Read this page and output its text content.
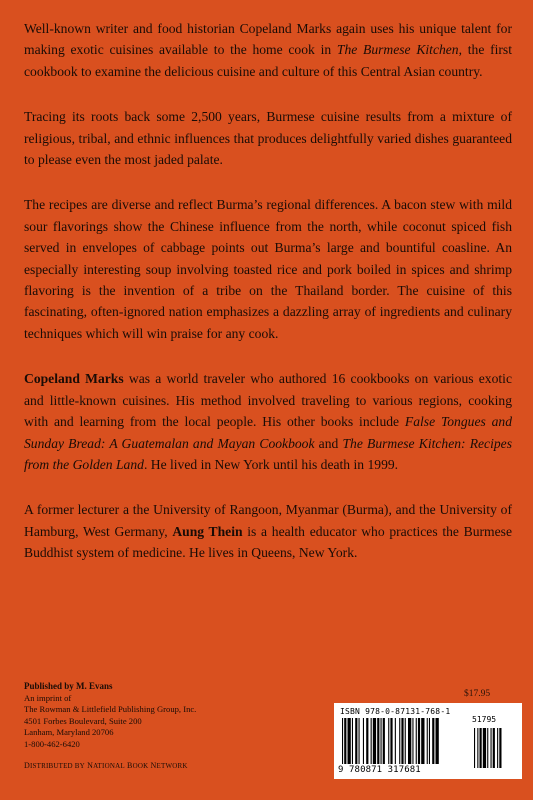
Well-known writer and food historian Copeland Marks again uses his unique talent for making exotic cuisines available to the home cook in The Burmese Kitchen, the first cookbook to examine the delicious cuisine and culture of this Central Asian country.

Tracing its roots back some 2,500 years, Burmese cuisine results from a mixture of religious, tribal, and ethnic influences that produces delightfully varied dishes guaranteed to please even the most jaded palate.

The recipes are diverse and reflect Burma’s regional differences. A bacon stew with mild sour flavorings show the Chinese influence from the north, while coconut spiced fish served in envelopes of cabbage points out Burma’s large and bountiful coasline. An especially interesting soup involving toasted rice and pork boiled in spices and shrimp flavoring is the invention of a tribe on the Thailand border. The cuisine of this fascinating, often-ignored nation emphasizes a dazzling array of ingredients and culinary techniques which will win praise for any cook.

Copeland Marks was a world traveler who authored 16 cookbooks on various exotic and little-known cuisines. His method involved traveling to various regions, cooking with and learning from the local people. His other books include False Tongues and Sunday Bread: A Guatemalan and Mayan Cookbook and The Burmese Kitchen: Recipes from the Golden Land. He lived in New York until his death in 1999.

A former lecturer a the University of Rangoon, Myanmar (Burma), and the University of Hamburg, West Germany, Aung Thein is a health educator who practices the Burmese Buddhist system of medicine. He lives in Queens, New York.

Published by M. Evans
An imprint of
The Rowman & Littlefield Publishing Group, Inc.
4501 Forbes Boulevard, Suite 200
Lanham, Maryland 20706
1-800-462-6420
DISTRIBUTED BY NATIONAL BOOK NETWORK
$17.95
ISBN 978-0-87131-768-1
51795
9 780871 317681
